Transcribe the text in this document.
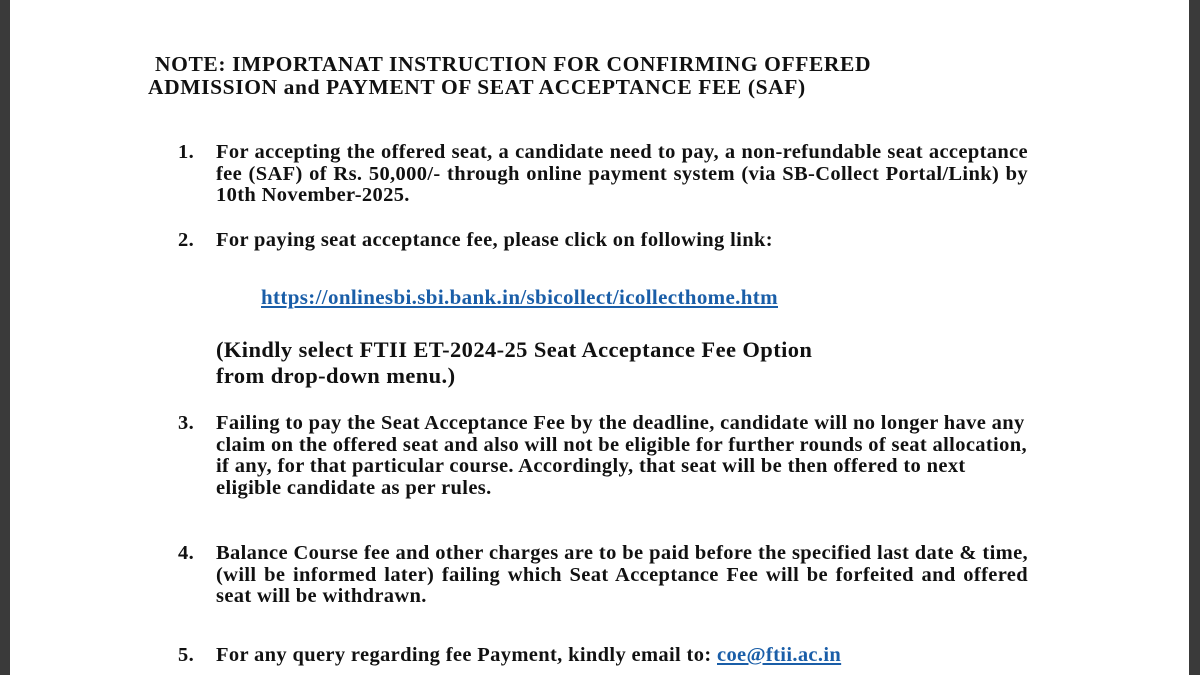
NOTE: IMPORTANAT INSTRUCTION FOR CONFIRMING OFFERED
ADMISSION and PAYMENT OF SEAT ACCEPTANCE FEE (SAF)
1. For accepting the offered seat, a candidate need to pay, a non-refundable seat acceptance fee (SAF) of Rs. 50,000/- through online payment system (via SB-Collect Portal/Link) by 10th November-2025.
2. For paying seat acceptance fee, please click on following link:
https://onlinesbi.sbi.bank.in/sbicollect/icollecthome.htm
(Kindly select FTII ET-2024-25 Seat Acceptance Fee Option
from drop-down menu.)
3. Failing to pay the Seat Acceptance Fee by the deadline, candidate will no longer have any claim on the offered seat and also will not be eligible for further rounds of seat allocation, if any, for that particular course. Accordingly, that seat will be then offered to next eligible candidate as per rules.
4. Balance Course fee and other charges are to be paid before the specified last date & time, (will be informed later) failing which Seat Acceptance Fee will be forfeited and offered seat will be withdrawn.
5. For any query regarding fee Payment, kindly email to: coe@ftii.ac.in
